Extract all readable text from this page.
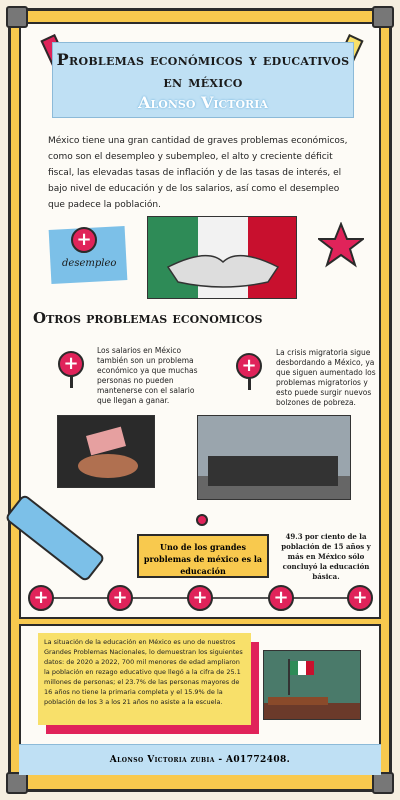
Problemas económicos y educativos en méxico
Alonso Victoria
México tiene una gran cantidad de graves problemas económicos, como son el desempleo y subempleo, el alto y creciente déficit fiscal, las elevadas tasas de inflación y de las tasas de interés, el bajo nivel de educación y de los salarios, así como el desempleo que padece la población.
+
desempleo
Otros problemas economicos
+
Los salarios en México también son un problema económico ya que muchas personas no pueden mantenerse con el salario que llegan a ganar.
+
La crisis migratoria sigue desbordando a México, ya que siguen aumentado los problemas migratorios y esto puede surgir nuevos bolzones de pobreza.
Uno de los grandes problemas de méxico es la educación
49.3 por ciento de la población de 15 años y más en México sólo concluyó la educación básica.
+	+	+	+	+
La situación de la educación en México es uno de nuestros Grandes Problemas Nacionales, lo demuestran los siguientes datos: de 2020 a 2022, 700 mil menores de edad ampliaron la población en rezago educativo que llegó a la cifra de 25.1 millones de personas; el 23.7% de las personas mayores de 16 años no tiene la primaria completa y el 15.9% de la población de los 3 a los 21 años no asiste a la escuela.
Alonso Victoria zubia - A01772408.
